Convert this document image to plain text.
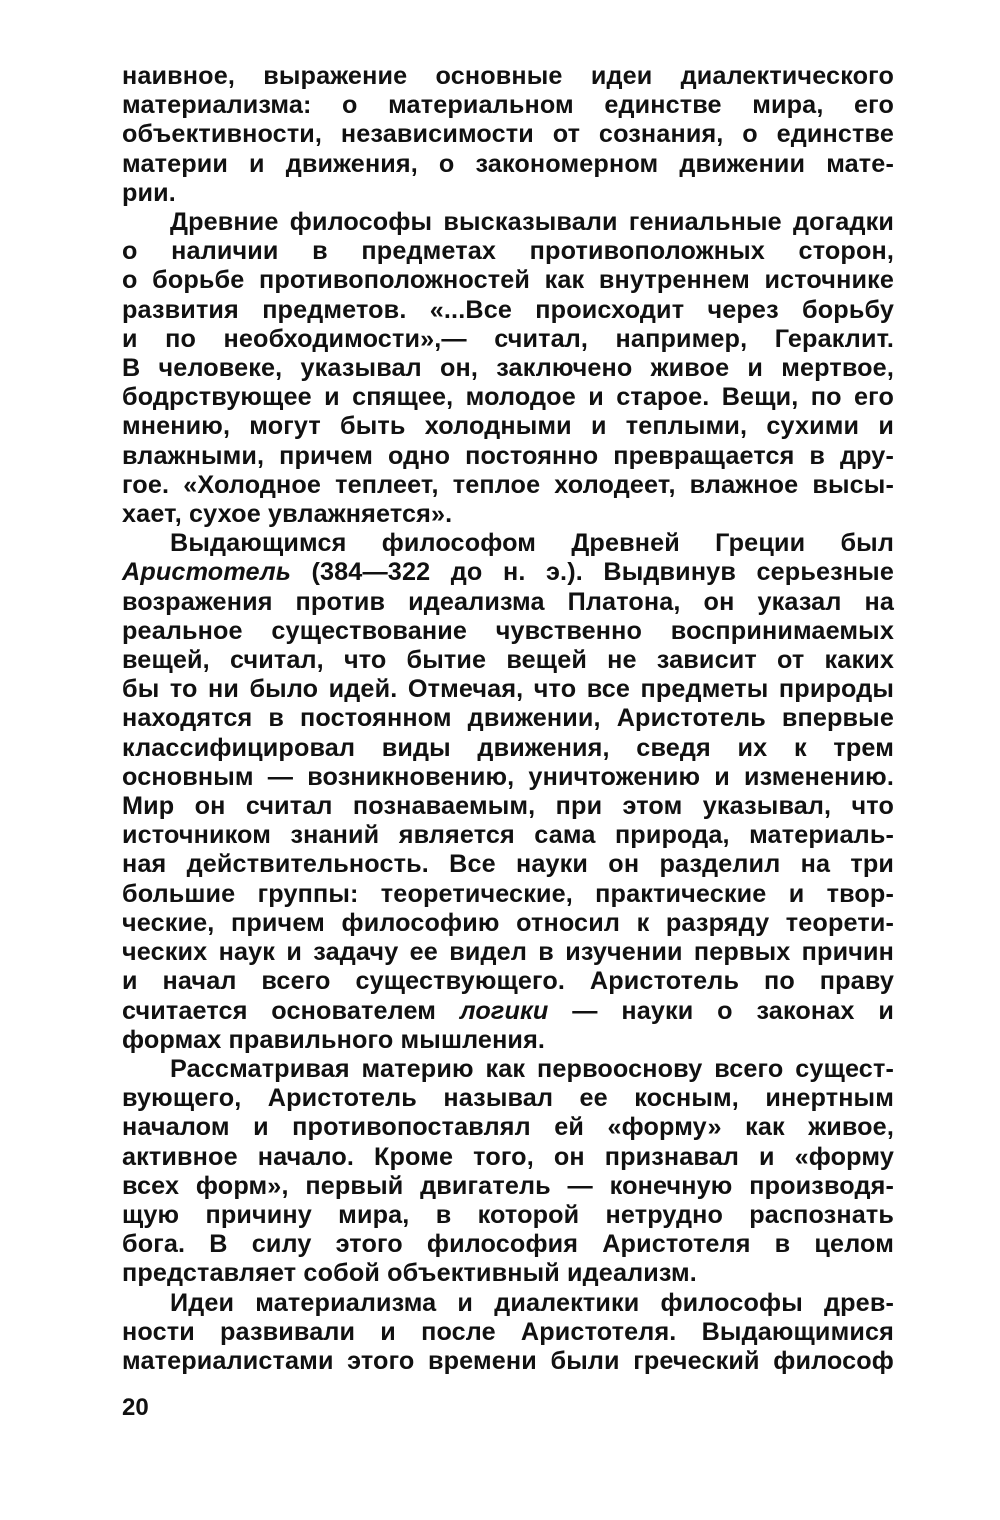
наивное, выражение основные идеи диалектического
материализма: о материальном единстве мира, его
объективности, независимости от сознания, о единстве
материи и движения, о закономерном движении мате-
рии.

Древние философы высказывали гениальные догадки
о наличии в предметах противоположных сторон,
о борьбе противоположностей как внутреннем источнике
развития предметов. «...Все происходит через борьбу
и по необходимости»,— считал, например, Гераклит.
В человеке, указывал он, заключено живое и мертвое,
бодрствующее и спящее, молодое и старое. Вещи, по его
мнению, могут быть холодными и теплыми, сухими и
влажными, причем одно постоянно превращается в дру-
гое. «Холодное теплеет, теплое холодеет, влажное высы-
хает, сухое увлажняется».

Выдающимся философом Древней Греции был
Аристотель (384—322 до н. э.). Выдвинув серьезные
возражения против идеализма Платона, он указал на
реальное существование чувственно воспринимаемых
вещей, считал, что бытие вещей не зависит от каких
бы то ни было идей. Отмечая, что все предметы природы
находятся в постоянном движении, Аристотель впервые
классифицировал виды движения, сведя их к трем
основным — возникновению, уничтожению и изменению.
Мир он считал познаваемым, при этом указывал, что
источником знаний является сама природа, материаль-
ная действительность. Все науки он разделил на три
большие группы: теоретические, практические и твор-
ческие, причем философию относил к разряду теорети-
ческих наук и задачу ее видел в изучении первых причин
и начал всего существующего. Аристотель по праву
считается основателем логики — науки о законах и
формах правильного мышления.

Рассматривая материю как первооснову всего сущест-
вующего, Аристотель называл ее косным, инертным
началом и противопоставлял ей «форму» как живое,
активное начало. Кроме того, он признавал и «форму
всех форм», первый двигатель — конечную производя-
щую причину мира, в которой нетрудно распознать
бога. В силу этого философия Аристотеля в целом
представляет собой объективный идеализм.

Идеи материализма и диалектики философы древ-
ности развивали и после Аристотеля. Выдающимися
материалистами этого времени были греческий философ

20
